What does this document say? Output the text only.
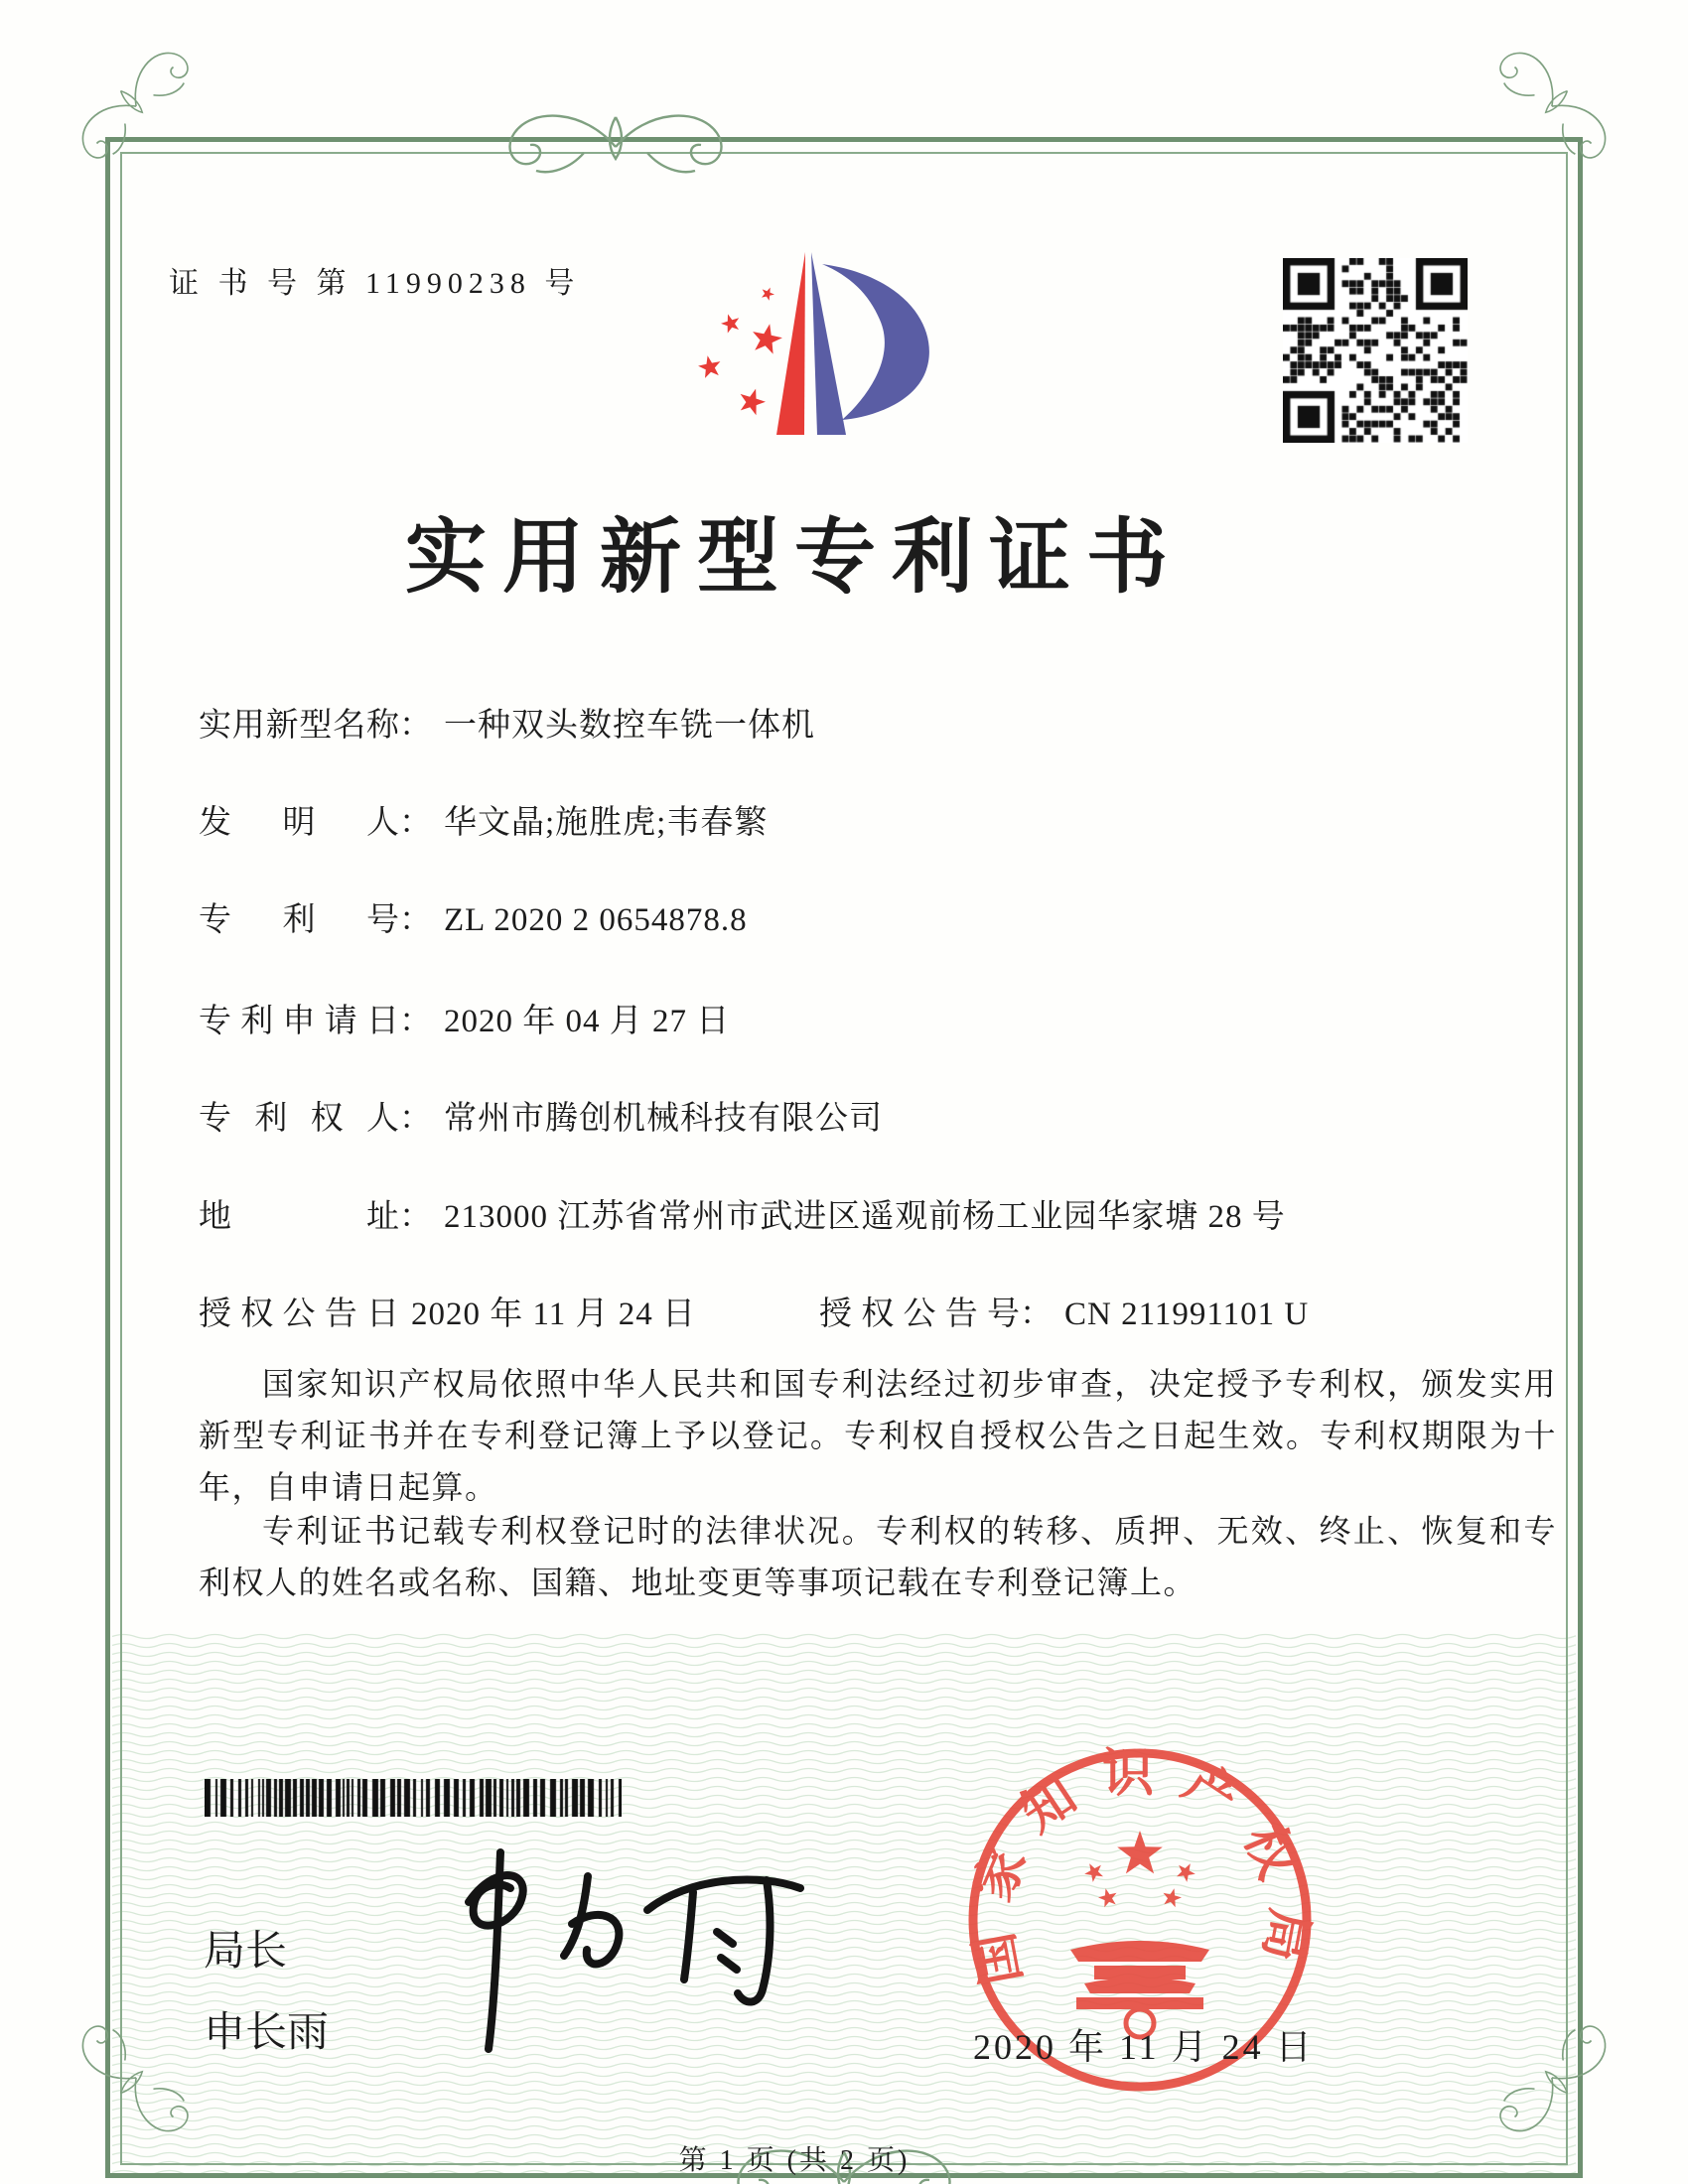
证 书 号 第 11990238 号
实用新型专利证书
实用新型名称： 一种双头数控车铣一体机
发明人： 华文晶;施胜虎;韦春繁
专利号： ZL 2020 2 0654878.8
专利申请日： 2020 年 04 月 27 日
专利权人： 常州市腾创机械科技有限公司
地址： 213000 江苏省常州市武进区遥观前杨工业园华家塘 28 号
授权公告日 2020 年 11 月 24 日	授权公告号： CN 211991101 U

国家知识产权局依照中华人民共和国专利法经过初步审查，决定授予专利权，颁发实用新型专利证书并在专利登记簿上予以登记。专利权自授权公告之日起生效。专利权期限为十年，自申请日起算。

专利证书记载专利权登记时的法律状况。专利权的转移、质押、无效、终止、恢复和专利权人的姓名或名称、国籍、地址变更等事项记载在专利登记簿上。

局长
申长雨
国家知识产权局
2020 年 11 月 24 日
第 1 页 (共 2 页)
